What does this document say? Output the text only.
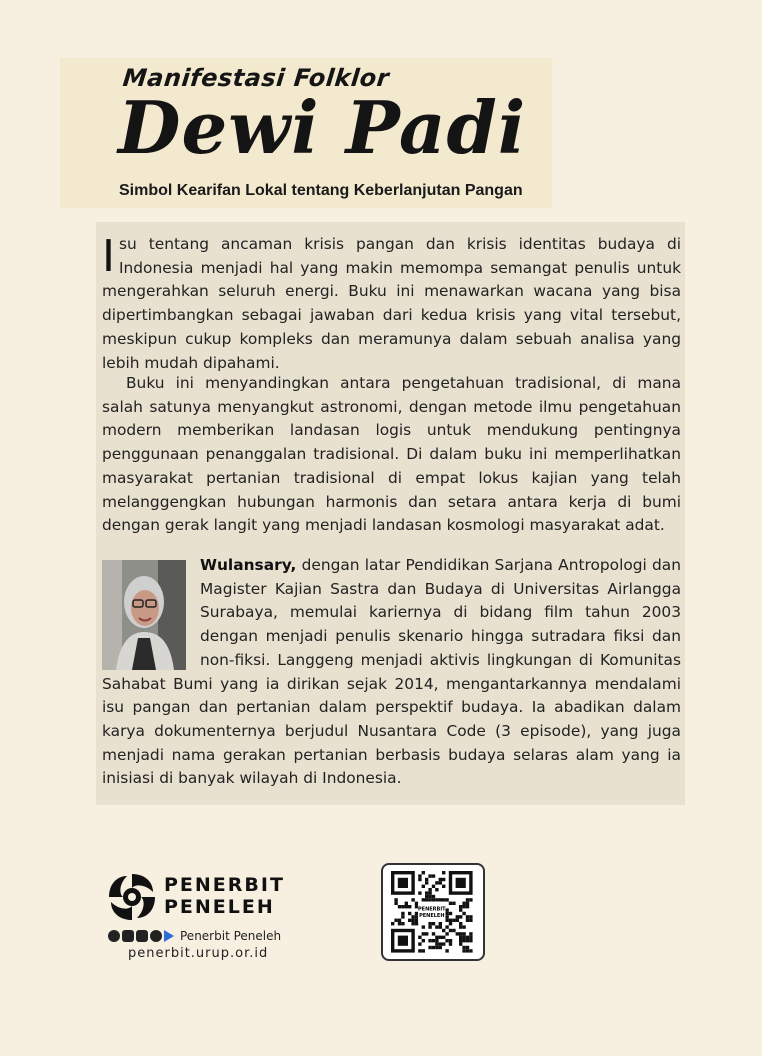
Manifestasi Folklor
Dewi Padi
Simbol Kearifan Lokal tentang Keberlanjutan Pangan
I su tentang ancaman krisis pangan dan krisis identitas budaya di Indonesia menjadi hal yang makin memompa semangat penulis untuk mengerahkan seluruh energi. Buku ini menawarkan wacana yang bisa dipertimbangkan sebagai jawaban dari kedua krisis yang vital tersebut, meskipun cukup kompleks dan meramunya dalam sebuah analisa yang lebih mudah dipahami.
Buku ini menyandingkan antara pengetahuan tradisional, di mana salah satunya menyangkut astronomi, dengan metode ilmu pengetahuan modern memberikan landasan logis untuk mendukung pentingnya penggunaan penanggalan tradisional. Di dalam buku ini memperlihatkan masyarakat pertanian tradisional di empat lokus kajian yang telah melanggengkan hubungan harmonis dan setara antara kerja di bumi dengan gerak langit yang menjadi landasan kosmologi masyarakat adat.
Wulansary, dengan latar Pendidikan Sarjana Antropologi dan Magister Kajian Sastra dan Budaya di Universitas Airlangga Surabaya, memulai kariernya di bidang film tahun 2003 dengan menjadi penulis skenario hingga sutradara fiksi dan non-fiksi. Langgeng menjadi aktivis lingkungan di Komunitas Sahabat Bumi yang ia dirikan sejak 2014, mengantarkannya mendalami isu pangan dan pertanian dalam perspektif budaya. Ia abadikan dalam karya dokumenternya berjudul Nusantara Code (3 episode), yang juga menjadi nama gerakan pertanian berbasis budaya selaras alam yang ia inisiasi di banyak wilayah di Indonesia.
PENERBIT
PENELEH
Penerbit Peneleh
penerbit.urup.or.id
PENERBIT
PENELEH
